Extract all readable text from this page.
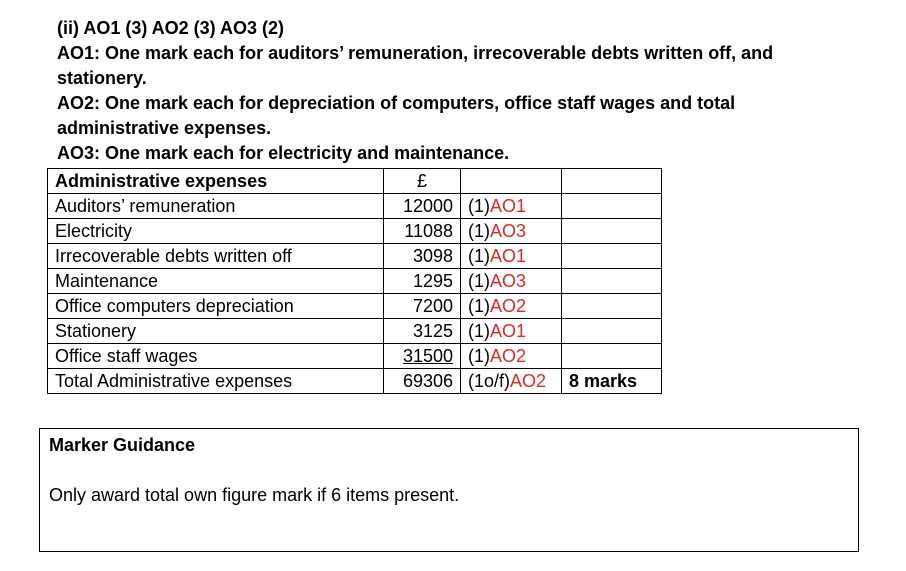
(ii) AO1 (3) AO2 (3) AO3 (2)

AO1: One mark each for auditors’ remuneration, irrecoverable debts written off, and stationery.

AO2: One mark each for depreciation of computers, office staff wages and total administrative expenses.

AO3: One mark each for electricity and maintenance.

Administrative expenses	£		
Auditors’ remuneration	12000	(1)AO1	
Electricity	11088	(1)AO3	
Irrecoverable debts written off	3098	(1)AO1	
Maintenance	1295	(1)AO3	
Office computers depreciation	7200	(1)AO2	
Stationery	3125	(1)AO1	
Office staff wages	31500	(1)AO2	
Total Administrative expenses	69306	(1o/f)AO2	8 marks
Marker Guidance
Only award total own figure mark if 6 items present.
